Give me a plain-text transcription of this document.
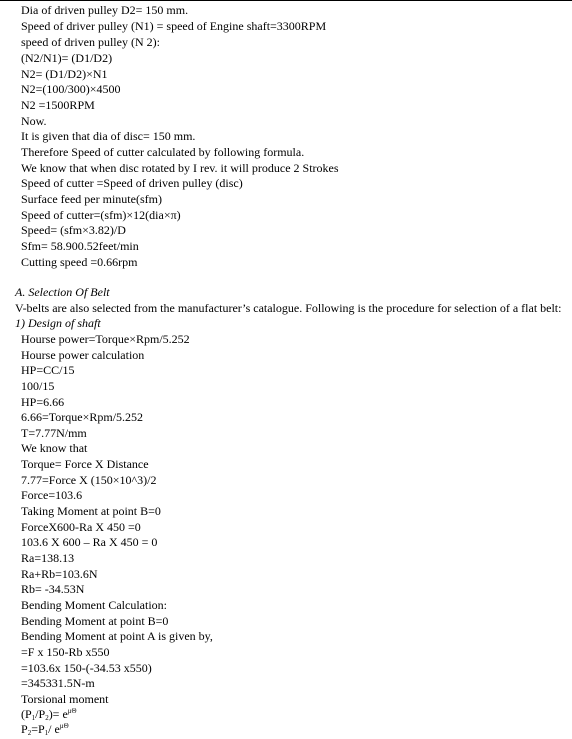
Dia of driven pulley D2= 150 mm.
Speed of driver pulley (N1) = speed of Engine shaft=3300RPM
speed of driven pulley (N 2):
(N2/N1)= (D1/D2)
N2= (D1/D2)×N1
N2=(100/300)×4500
N2 =1500RPM
Now.
It is given that dia of disc= 150 mm.
Therefore Speed of cutter calculated by following formula.
We know that when disc rotated by I rev. it will produce 2 Strokes
Speed of cutter =Speed of driven pulley (disc)
Surface feed per minute(sfm)
Speed of cutter=(sfm)×12(dia×π)
Speed= (sfm×3.82)/D
Sfm= 58.900.52feet/min
Cutting speed =0.66rpm
A. Selection Of Belt
V-belts are also selected from the manufacturer’s catalogue. Following is the procedure for selection of a flat belt:
1) Design of shaft
Hourse power=Torque×Rpm/5.252
Hourse power calculation
HP=CC/15
100/15
HP=6.66
6.66=Torque×Rpm/5.252
T=7.77N/mm
We know that
Torque= Force X Distance
7.77=Force X (150×10^3)/2
Force=103.6
Taking Moment at point B=0
ForceX600-Ra X 450 =0
103.6 X 600 – Ra X 450 = 0
Ra=138.13
Ra+Rb=103.6N
Rb= -34.53N
Bending Moment Calculation:
Bending Moment at point B=0
Bending Moment at point A is given by,
=F x 150-Rb x550
=103.6x 150-(-34.53 x550)
=345331.5N-m
Torsional moment
$(P1/P2)= e^{\mu\Theta}$
P2=P1/ $e^{\mu\Theta}$
